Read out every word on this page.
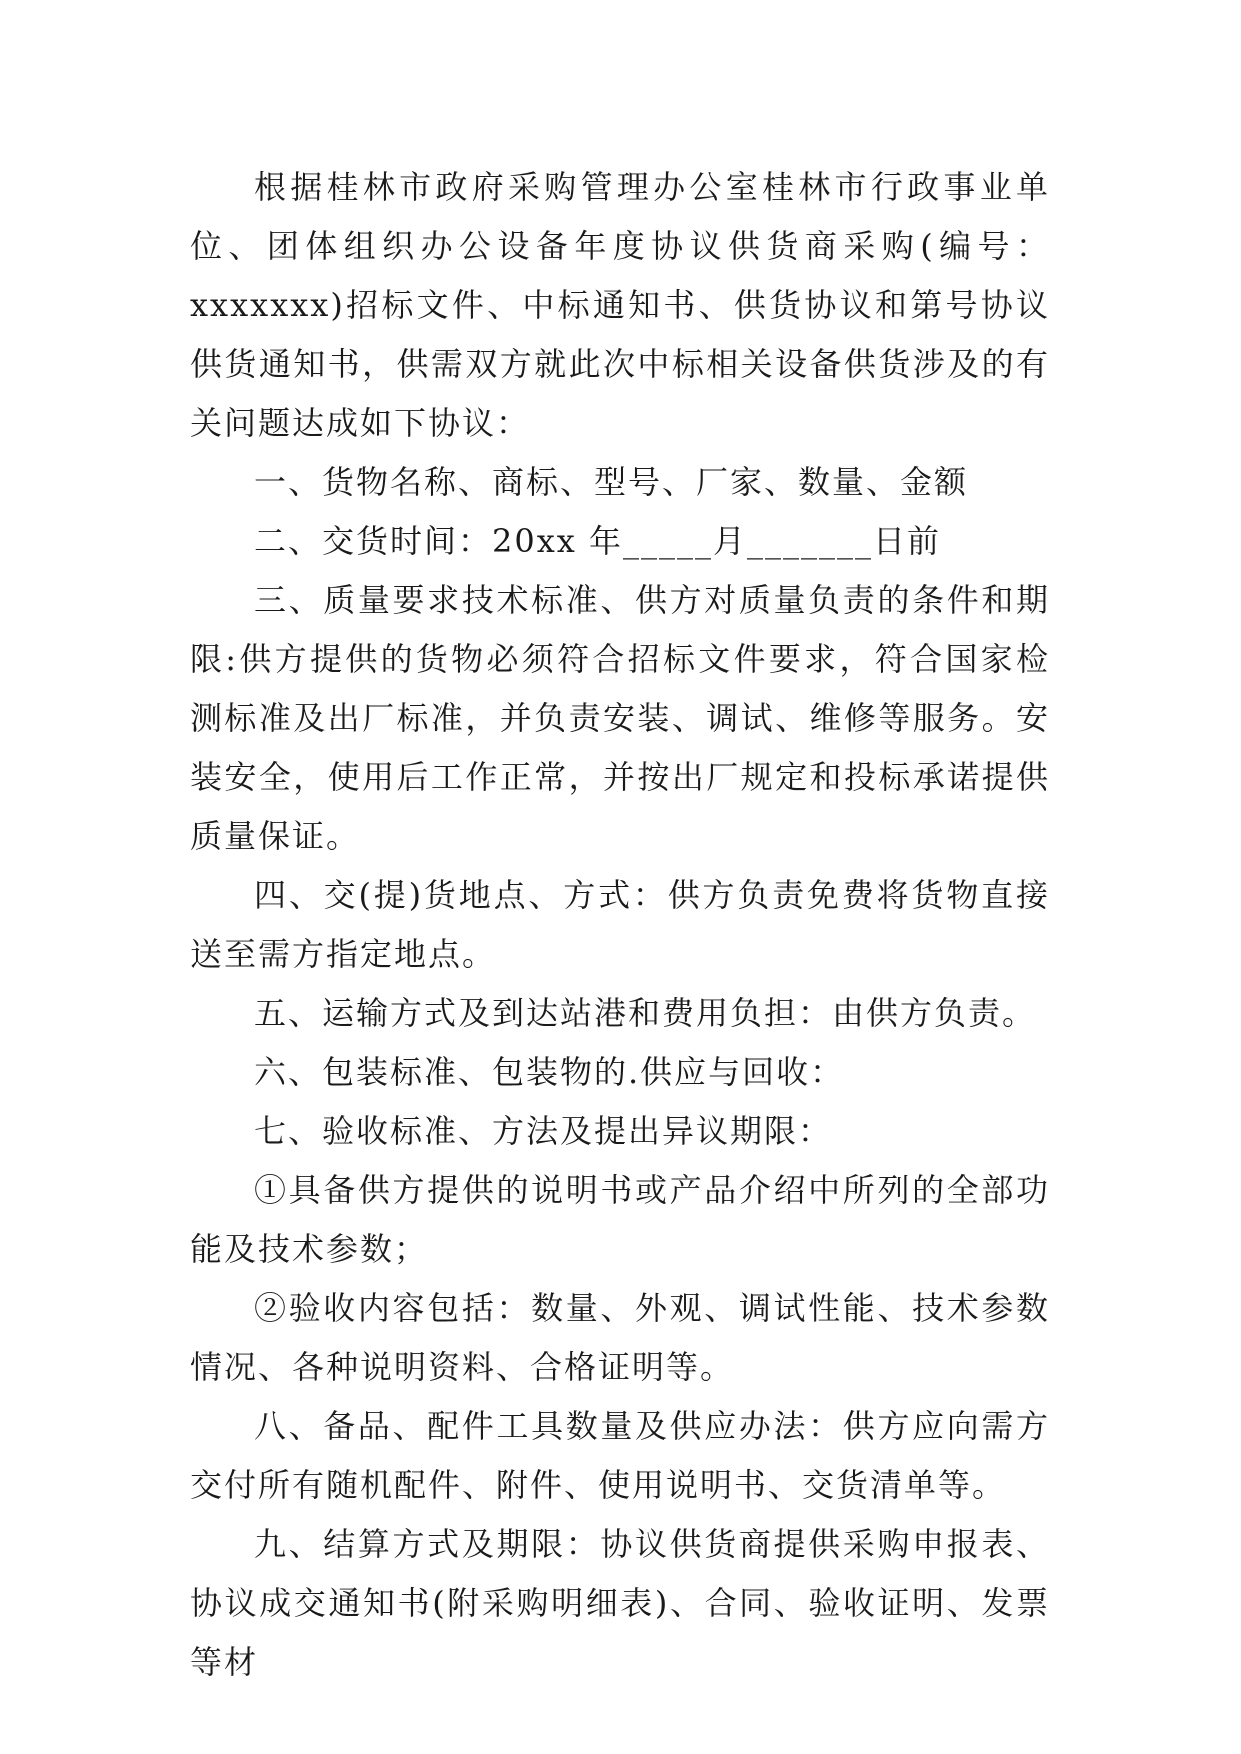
根据桂林市政府采购管理办公室桂林市行政事业单位、团体组织办公设备年度协议供货商采购(编号：xxxxxxx)招标文件、中标通知书、供货协议和第号协议供货通知书，供需双方就此次中标相关设备供货涉及的有关问题达成如下协议：

一、货物名称、商标、型号、厂家、数量、金额

二、交货时间：20xx 年_____月_______日前

三、质量要求技术标准、供方对质量负责的条件和期限:供方提供的货物必须符合招标文件要求，符合国家检测标准及出厂标准，并负责安装、调试、维修等服务。安装安全，使用后工作正常，并按出厂规定和投标承诺提供质量保证。

四、交(提)货地点、方式：供方负责免费将货物直接送至需方指定地点。

五、运输方式及到达站港和费用负担：由供方负责。

六、包装标准、包装物的.供应与回收：

七、验收标准、方法及提出异议期限：

①具备供方提供的说明书或产品介绍中所列的全部功能及技术参数；

②验收内容包括：数量、外观、调试性能、技术参数情况、各种说明资料、合格证明等。

八、备品、配件工具数量及供应办法：供方应向需方交付所有随机配件、附件、使用说明书、交货清单等。

九、结算方式及期限：协议供货商提供采购申报表、协议成交通知书(附采购明细表)、合同、验收证明、发票等材
